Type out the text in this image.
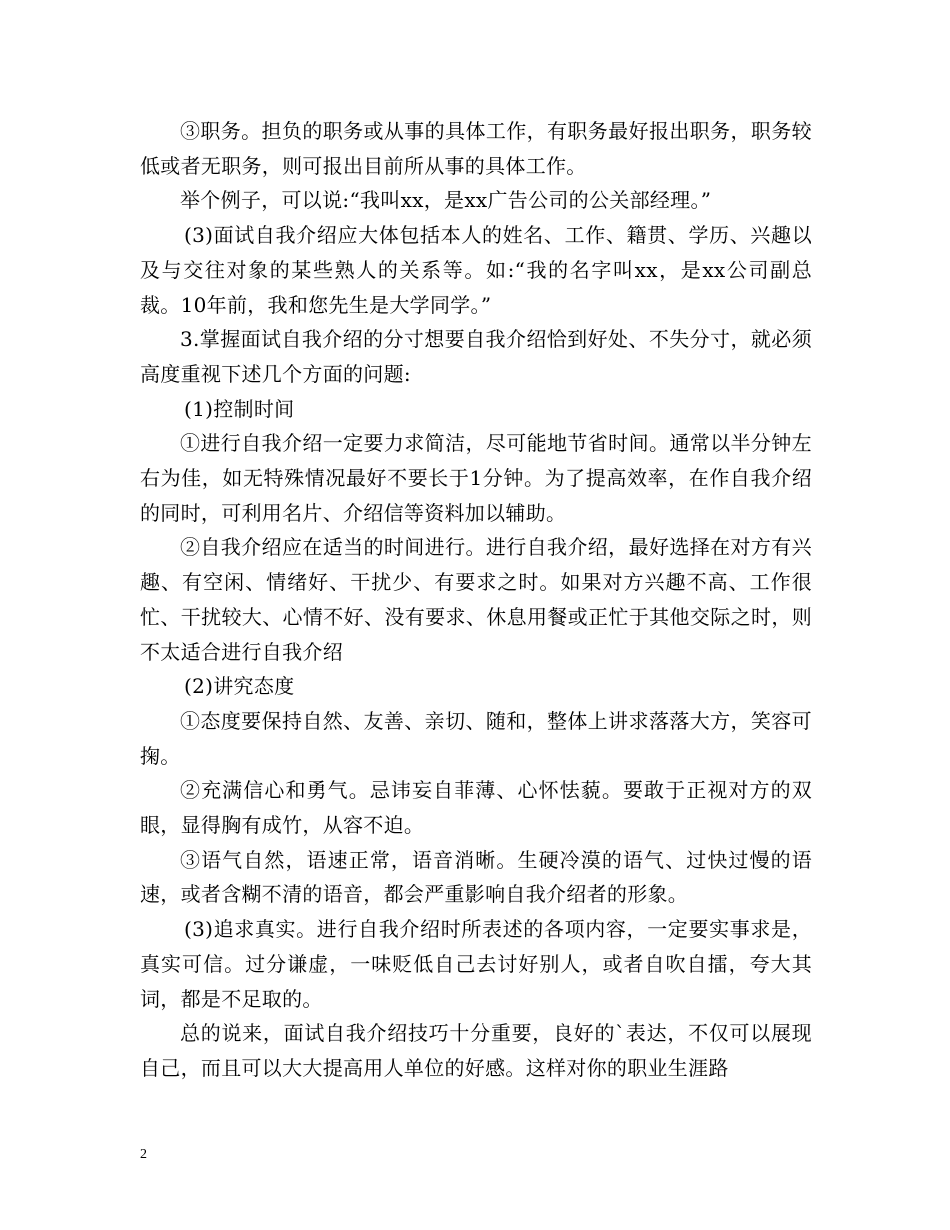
③职务。担负的职务或从事的具体工作，有职务最好报出职务，职务较低或者无职务，则可报出目前所从事的具体工作。

举个例子，可以说:“我叫xx，是xx广告公司的公关部经理。”

(3)面试自我介绍应大体包括本人的姓名、工作、籍贯、学历、兴趣以及与交往对象的某些熟人的关系等。如:“我的名字叫xx，是xx公司副总裁。10年前，我和您先生是大学同学。”

3.掌握面试自我介绍的分寸想要自我介绍恰到好处、不失分寸，就必须高度重视下述几个方面的问题:

(1)控制时间

①进行自我介绍一定要力求简洁，尽可能地节省时间。通常以半分钟左右为佳，如无特殊情况最好不要长于1分钟。为了提高效率，在作自我介绍的同时，可利用名片、介绍信等资料加以辅助。

②自我介绍应在适当的时间进行。进行自我介绍，最好选择在对方有兴趣、有空闲、情绪好、干扰少、有要求之时。如果对方兴趣不高、工作很忙、干扰较大、心情不好、没有要求、休息用餐或正忙于其他交际之时，则不太适合进行自我介绍

(2)讲究态度

①态度要保持自然、友善、亲切、随和，整体上讲求落落大方，笑容可掬。

②充满信心和勇气。忌讳妄自菲薄、心怀怯藐。要敢于正视对方的双眼，显得胸有成竹，从容不迫。

③语气自然，语速正常，语音消晰。生硬冷漠的语气、过快过慢的语速，或者含糊不清的语音，都会严重影响自我介绍者的形象。

(3)追求真实。进行自我介绍时所表述的各项内容，一定要实事求是，真实可信。过分谦虚，一味贬低自己去讨好别人，或者自吹自擂，夸大其词，都是不足取的。

总的说来，面试自我介绍技巧十分重要，良好的`表达，不仅可以展现自己，而且可以大大提高用人单位的好感。这样对你的职业生涯路

2
